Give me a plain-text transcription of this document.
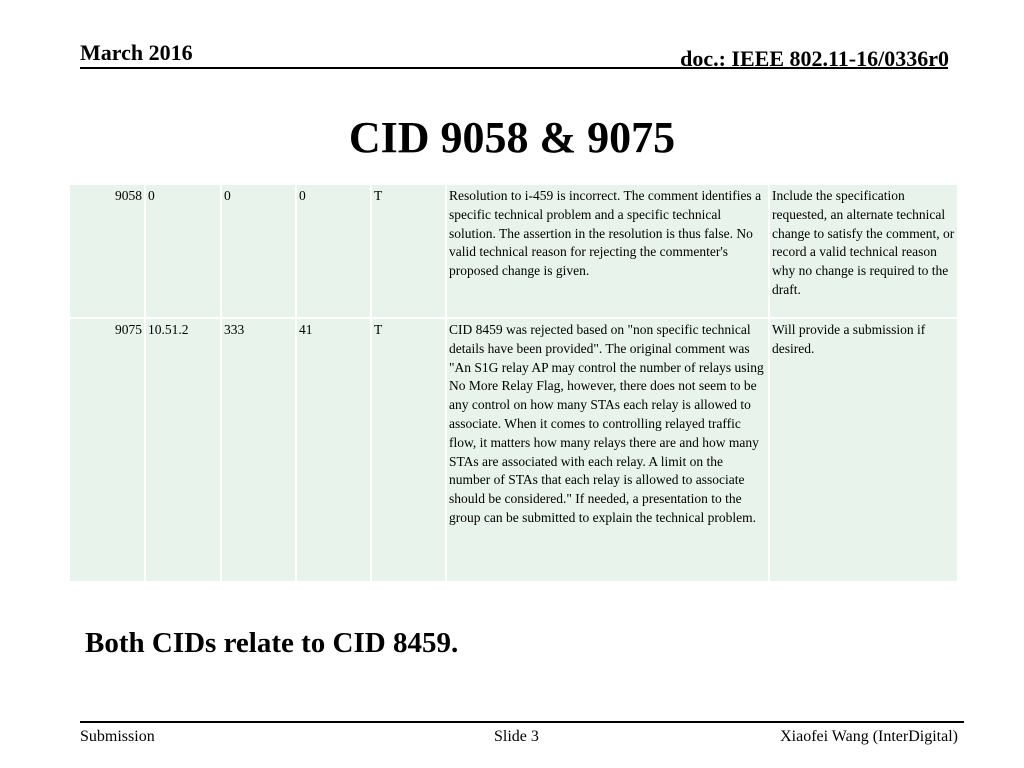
March 2016	doc.: IEEE 802.11-16/0336r0
CID 9058 & 9075
9058	0	0	0	T	Resolution to i-459 is incorrect. The comment identifies a specific technical problem and a specific technical solution. The assertion in the resolution is thus false. No valid technical reason for rejecting the commenter's proposed change is given.	Include the specification requested, an alternate technical change to satisfy the comment, or record a valid technical reason why no change is required to the draft.
9075	10.51.2	333	41	T	CID 8459 was rejected based on "non specific technical details have been provided". The original comment was "An S1G relay AP may control the number of relays using No More Relay Flag, however, there does not seem to be any control on how many STAs each relay is allowed to associate. When it comes to controlling relayed traffic flow, it matters how many relays there are and how many STAs are associated with each relay. A limit on the number of STAs that each relay is allowed to associate should be considered." If needed, a presentation to the group can be submitted to explain the technical problem.	Will provide a submission if desired.
Both CIDs relate to CID 8459.
Submission	Slide 3	Xiaofei Wang (InterDigital)
